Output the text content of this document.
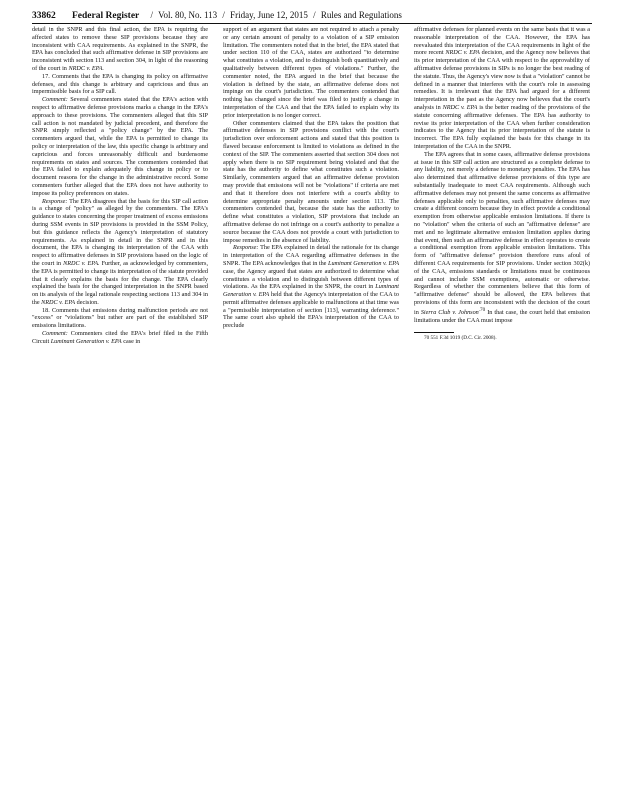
33862 Federal Register / Vol. 80, No. 113 / Friday, June 12, 2015 / Rules and Regulations

detail in the SNPR and this final action, the EPA is requiring the affected states to remove these SIP provisions because they are inconsistent with CAA requirements. As explained in the SNPR, the EPA has concluded that such affirmative defense in SIP provisions are inconsistent with section 113 and section 304, in light of the reasoning of the court in NRDC v. EPA.

17. Comments that the EPA is changing its policy on affirmative defenses, and this change is arbitrary and capricious and thus an impermissible basis for a SIP call.

Comment: Several commenters stated that the EPA's action with respect to affirmative defense provisions marks a change in the EPA's approach to these provisions. The commenters alleged that this SIP call action is not mandated by judicial precedent, and therefore the SNPR simply reflected a "policy change" by the EPA. The commenters argued that, while the EPA is permitted to change its policy or interpretation of the law, this specific change is arbitrary and capricious and forces unreasonably difficult and burdensome requirements on states and sources. The commenters contended that the EPA failed to explain adequately this change in policy or to document reasons for the change in the administrative record. Some commenters further alleged that the EPA does not have authority to impose its policy preferences on states.

Response: The EPA disagrees that the basis for this SIP call action is a change of "policy" as alleged by the commenters. The EPA's guidance to states concerning the proper treatment of excess emissions during SSM events in SIP provisions is provided in the SSM Policy, but this guidance reflects the Agency's interpretation of statutory requirements. As explained in detail in the SNPR and in this document, the EPA is changing its interpretation of the CAA with respect to affirmative defenses in SIP provisions based on the logic of the court in NRDC v. EPA. Further, as acknowledged by commenters, the EPA is permitted to change its interpretation of the statute provided that it clearly explains the basis for the change. The EPA clearly explained the basis for the changed interpretation in the SNPR based on its analysis of the legal rationale respecting sections 113 and 304 in the NRDC v. EPA decision.

18. Comments that emissions during malfunction periods are not "excess" or "violations" but rather are part of the established SIP emissions limitations.

Comment: Commenters cited the EPA's brief filed in the Fifth Circuit Luminant Generation v. EPA case in

support of an argument that states are not required to attach a penalty or any certain amount of penalty to a violation of a SIP emission limitation. The commenters noted that in the brief, the EPA stated that under section 110 of the CAA, states are authorized "to determine what constitutes a violation, and to distinguish both quantitatively and qualitatively between different types of violations." Further, the commenter noted, the EPA argued in the brief that because the violation is defined by the state, an affirmative defense does not impinge on the court's jurisdiction. The commenters contended that nothing has changed since the brief was filed to justify a change in interpretation of the CAA and that the EPA failed to explain why its prior interpretation is no longer correct.

Other commenters claimed that the EPA takes the position that affirmative defenses in SIP provisions conflict with the court's jurisdiction over enforcement actions and stated that this position is flawed because enforcement is limited to violations as defined in the context of the SIP. The commenters asserted that section 304 does not apply when there is no SIP requirement being violated and that the state has the authority to define what constitutes such a violation. Similarly, commenters argued that an affirmative defense provision may provide that emissions will not be "violations" if criteria are met and that it therefore does not interfere with a court's ability to determine appropriate penalty amounts under section 113. The commenters contended that, because the state has the authority to define what constitutes a violation, SIP provisions that include an affirmative defense do not infringe on a court's authority to penalize a source because the CAA does not provide a court with jurisdiction to impose remedies in the absence of liability.

Response: The EPA explained in detail the rationale for its change in interpretation of the CAA regarding affirmative defenses in the SNPR. The EPA acknowledges that in the Luminant Generation v. EPA case, the Agency argued that states are authorized to determine what constitutes a violation and to distinguish between different types of violations. As the EPA explained in the SNPR, the court in Luminant Generation v. EPA held that the Agency's interpretation of the CAA to permit affirmative defenses applicable to malfunctions at that time was a "permissible interpretation of section [113], warranting deference." The same court also upheld the EPA's interpretation of the CAA to preclude

affirmative defenses for planned events on the same basis that it was a reasonable interpretation of the CAA. However, the EPA has reevaluated this interpretation of the CAA requirements in light of the more recent NRDC v. EPA decision, and the Agency now believes that its prior interpretation of the CAA with respect to the approvability of affirmative defense provisions in SIPs is no longer the best reading of the statute. Thus, the Agency's view now is that a "violation" cannot be defined in a manner that interferes with the court's role in assessing remedies. It is irrelevant that the EPA had argued for a different interpretation in the past as the Agency now believes that the court's analysis in NRDC v. EPA is the better reading of the provisions of the statute concerning affirmative defenses. The EPA has authority to revise its prior interpretation of the CAA when further consideration indicates to the Agency that its prior interpretation of the statute is incorrect. The EPA fully explained the basis for this change in its interpretation of the CAA in the SNPR.

The EPA agrees that in some cases, affirmative defense provisions at issue in this SIP call action are structured as a complete defense to any liability, not merely a defense to monetary penalties. The EPA has also determined that affirmative defense provisions of this type are substantially inadequate to meet CAA requirements. Although such affirmative defenses may not present the same concerns as affirmative defenses applicable only to penalties, such affirmative defenses may create a different concern because they in effect provide a conditional exemption from otherwise applicable emission limitations. If there is no "violation" when the criteria of such an "affirmative defense" are met and no legitimate alternative emission limitation applies during that event, then such an affirmative defense in effect operates to create a conditional exemption from applicable emission limitations. This form of "affirmative defense" provision therefore runs afoul of different CAA requirements for SIP provisions. Under section 302(k) of the CAA, emissions standards or limitations must be continuous and cannot include SSM exemptions, automatic or otherwise. Regardless of whether the commenters believe that this form of "affirmative defense" should be allowed, the EPA believes that provisions of this form are inconsistent with the decision of the court in Sierra Club v. Johnson$^{.70}$ In that case, the court held that emission limitations under the CAA must impose

70 551 F.3d 1019 (D.C. Cir. 2008).
